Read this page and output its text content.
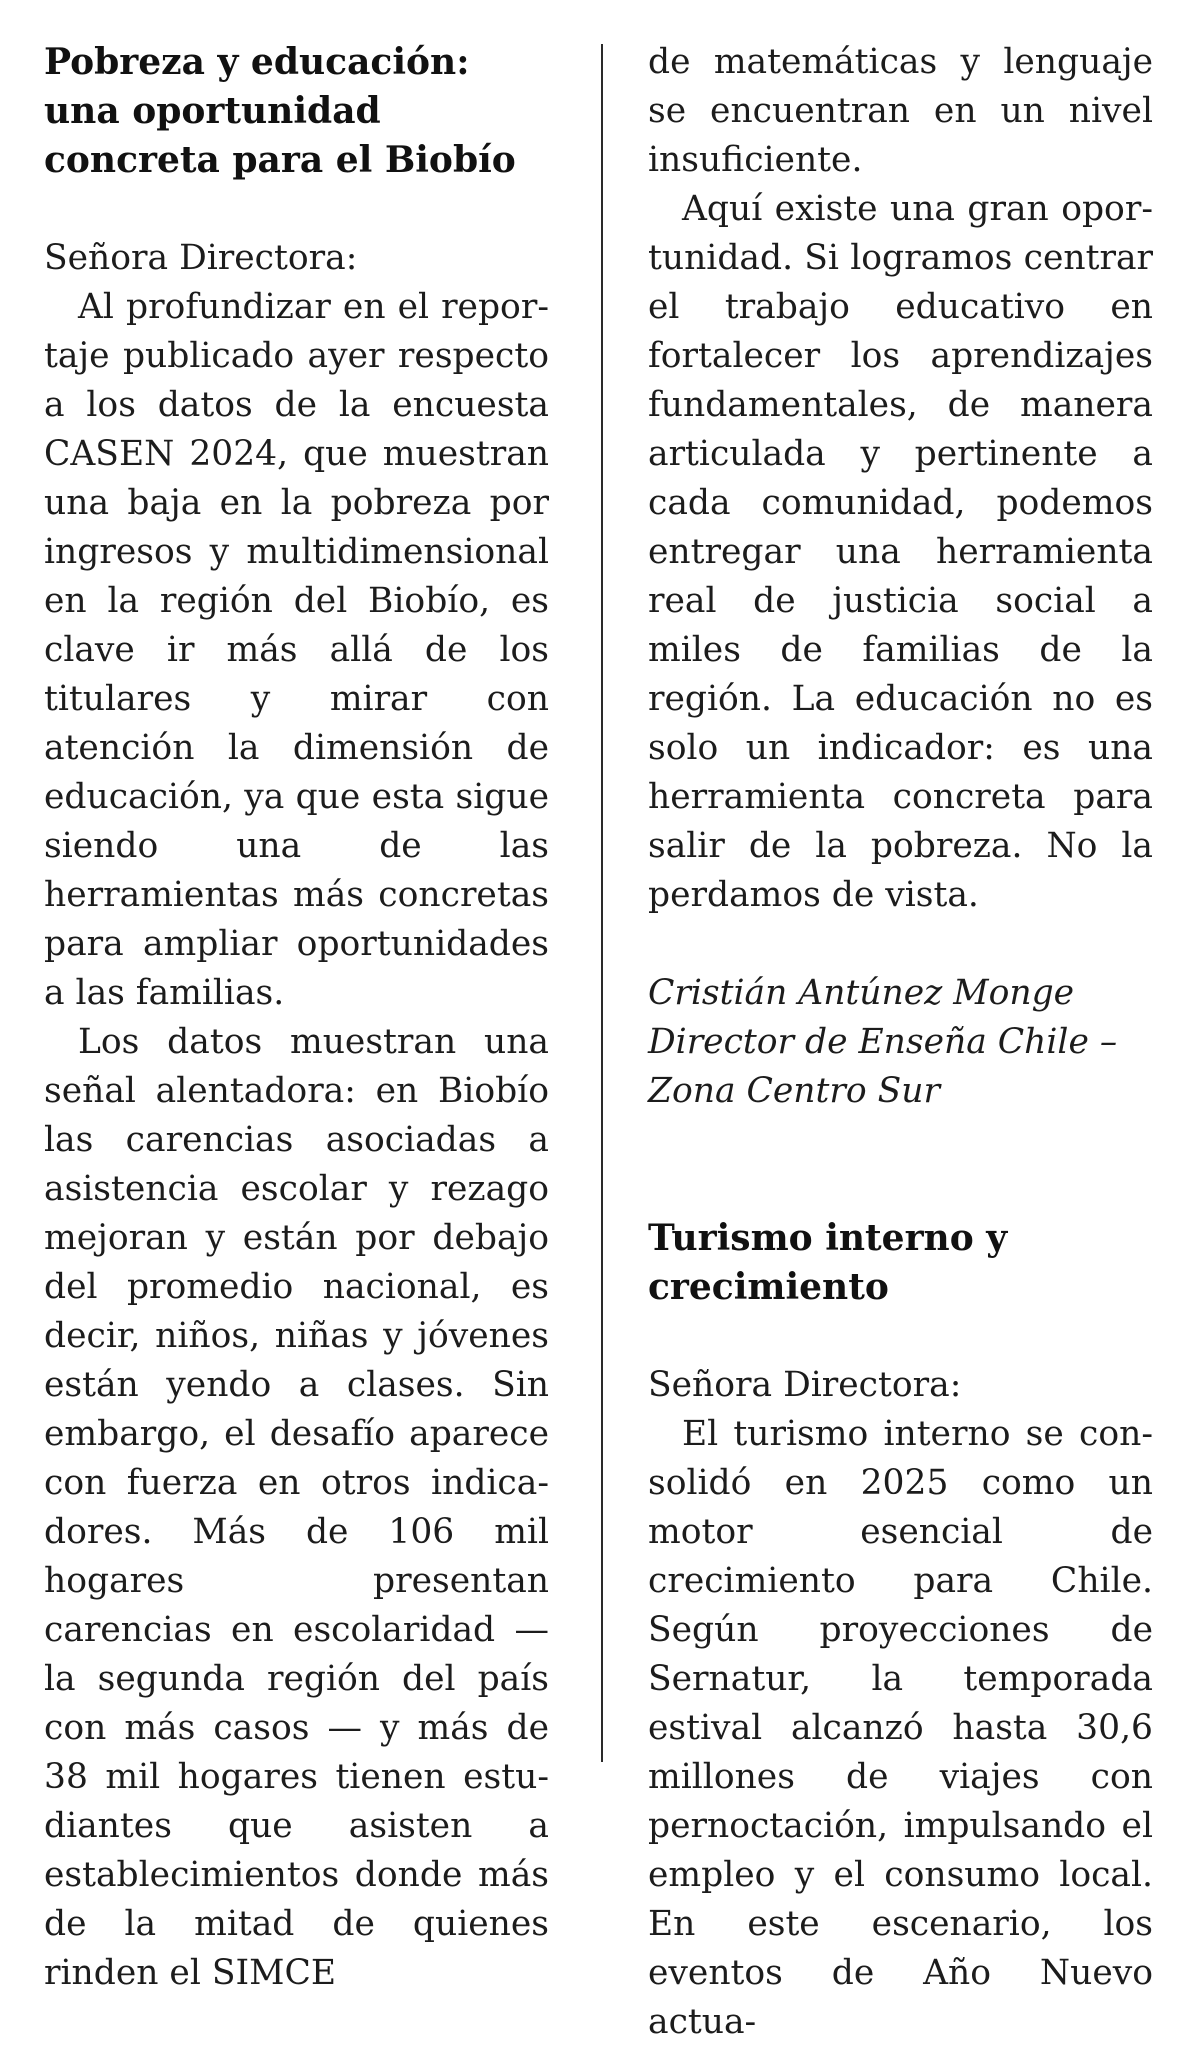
Pobreza y educación: una oportunidad concreta para el Biobío

Señora Directora:

Al profundizar en el reportaje publicado ayer respecto a los datos de la encuesta CASEN 2024, que muestran una baja en la pobreza por ingresos y multidimensional en la región del Biobío, es clave ir más allá de los titulares y mirar con atención la dimensión de educación, ya que esta sigue siendo una de las herramientas más concretas para ampliar oportunidades a las familias.

Los datos muestran una señal alentadora: en Biobío las carencias asociadas a asistencia escolar y rezago mejoran y están por debajo del promedio nacional, es decir, niños, niñas y jóvenes están yendo a clases. Sin embargo, el desafío aparece con fuerza en otros indicadores. Más de 106 mil hogares presentan carencias en escolaridad —la segunda región del país con más casos — y más de 38 mil hogares tienen estudiantes que asisten a establecimientos donde más de la mitad de quienes rinden el SIMCE

de matemáticas y lenguaje se encuentran en un nivel insuficiente.

Aquí existe una gran oportunidad. Si logramos centrar el trabajo educativo en fortalecer los aprendizajes fundamentales, de manera articulada y pertinente a cada comunidad, podemos entregar una herramienta real de justicia social a miles de familias de la región. La educación no es solo un indicador: es una herramienta concreta para salir de la pobreza. No la perdamos de vista.

Cristián Antúnez Monge

Director de Enseña Chile – Zona Centro Sur

Turismo interno y crecimiento

Señora Directora:

El turismo interno se consolidó en 2025 como un motor esencial de crecimiento para Chile. Según proyecciones de Sernatur, la temporada estival alcanzó hasta 30,6 millones de viajes con pernoctación, impulsando el empleo y el consumo local. En este escenario, los eventos de Año Nuevo actua-
